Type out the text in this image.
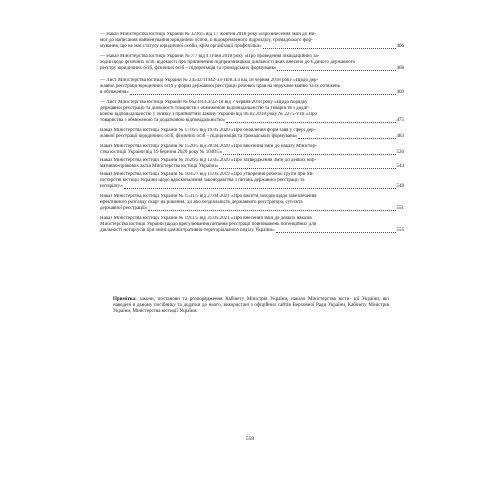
— Наказ Міністерства юстиції України № 3236/5 від 17 жовтня 2018 року «Про внесення змін до Ви-
мог до написання найменування юридичної особи, її відокремленого підрозділу, громадського фор-
мування, що не має статусу юридичної особи, крім організації профспілки»	466
— Наказ Міністерства юстиції України № 7/7 від 4 січня 2018 року «Про проведення ліквідаційних за-
ходів щодо фізичних осіб, відомості про припинення підприємницької діяльності яких внесено до Єдиного державного
реєстру юридичних осіб, фізичних осіб – підприємців та громадських формувань»	468
— Лист Міністерства юстиції України № 24542/11942-33-18/8.4.4 від 18 червня 2018 року «Щодо дер-
жавної реєстрації юридичних осіб у формі державної реєстрації речових прав на нерухоме майно та їх обтяжень
в обтяження»	469
— Лист Міністерства юстиції України № 6623/8.4.3/32-18 від 7 червня 2018 року «Щодо порядку
державної реєстрації та діяльності товариств з обмеженою відповідальністю та товариств з додат-
ковою відповідальністю у зв'язку з прийняттям Закону України від 06.02.2018 року № 2275-VIII «Про
товариства з обмеженою та додатковою відповідальністю»	475
Наказ Міністерства юстиції України № 1716/5 від 19.05.2020 «Про оновлення форм заяв у сфері дер-
жавної реєстрації юридичних осіб, фізичних осіб – підприємців та громадських формувань»	483
Наказ Міністерства юстиції України № 1520/5 від 28.04.2020 «Про внесення змін до наказу Міністер-
ства юстиції України від 19 березня 2020 року № 1040/5»	526
Наказ Міністерства юстиції України № 1626/5 від 12.05.2020 «Про затвердження Змін до деяких нор-
мативно-правових актів Міністерства юстиції України»	544
Наказ Міністерства юстиції України № 1035/7 від 11.05.2019 «Про утворення робочої групи при Мі-
ністерстві юстиції України щодо вдосконалення законодавства з питань державної реєстрації та
нотаріату»	548
Наказ Міністерства юстиції України № 1531/5 від 27.04.2021 «Про вжиття заходів щодо забезпечення
ефективного розгляду скарг на рішення, дії або бездіяльність державного реєстратора, суб'єкта
державної реєстрації»	551
Наказ Міністерства юстиції України № 1911/5 від 31.05.2021 «Про внесення змін до деяких наказів
Міністерства юстиції України (щодо врегулювання питання реєстрації повноважень потенційних для
діяльності нотаріусів при зміні адміністративно-територіального поділу України»	555
Примітка: закони, постанови та розпорядження Кабінету Міністрів України, накази Міністерства юсти- ції України, які наведені в даному посібнику та додатки до нього, використані з офіційних сайтів Верховної Ради України, Кабінету Міністрів України, Міністерства юстиції України.
558
